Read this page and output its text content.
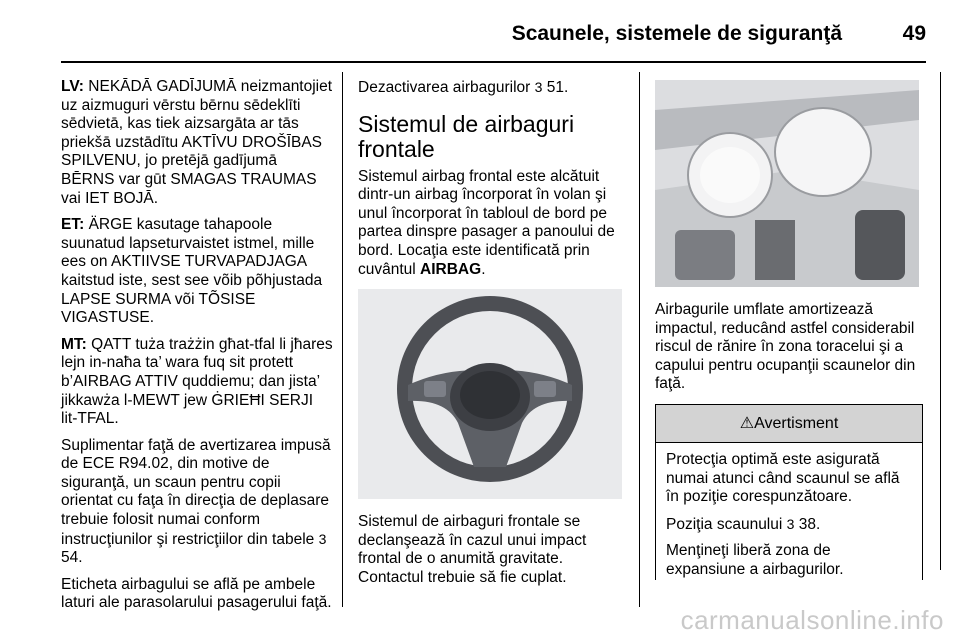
Scaunele, sistemele de siguranţă	49

LV: NEKĀDĀ GADĪJUMĀ neizmantojiet uz aizmuguri vērstu bērnu sēdeklīti sēdvietā, kas tiek aizsargāta ar tās priekšā uzstādītu AKTĪVU DROŠĪBAS SPILVENU, jo pretējā gadījumā BĒRNS var gūt SMAGAS TRAUMAS vai IET BOJĀ.

ET: ÄRGE kasutage tahapoole suunatud lapseturvaistet istmel, mille ees on AKTIIVSE TURVAPADJAGA kaitstud iste, sest see võib põhjustada LAPSE SURMA või TÕSISE VIGASTUSE.

MT: QATT tuża trażżin għat-tfal li jħares lejn in-naħa ta’ wara fuq sit protett b’AIRBAG ATTIV quddiemu; dan jista’ jikkawża l-MEWT jew ĠRIEĦI SERJI lit-TFAL.

Suplimentar faţă de avertizarea impusă de ECE R94.02, din motive de siguranţă, un scaun pentru copii orientat cu faţa în direcţia de deplasare trebuie folosit numai conform instrucţiunilor şi restricţiilor din tabele 3 54.

Eticheta airbagului se află pe ambele laturi ale parasolarului pasagerului faţă.

Dezactivarea airbagurilor 3 51.

Sistemul de airbaguri frontale

Sistemul airbag frontal este alcătuit dintr-un airbag încorporat în volan şi unul încorporat în tabloul de bord pe partea dinspre pasager a panoului de bord. Locaţia este identificată prin cuvântul AIRBAG.

Sistemul de airbaguri frontale se declanşează în cazul unui impact frontal de o anumită gravitate. Contactul trebuie să fie cuplat.

Airbagurile umflate amortizează impactul, reducând astfel considerabil riscul de rănire în zona toracelui şi a capului pentru ocupanţii scaunelor din faţă.

⚠Avertisment

Protecţia optimă este asigurată numai atunci când scaunul se află în poziţie corespunzătoare.

Poziţia scaunului 3 38.

Menţineţi liberă zona de expansiune a airbagurilor.

carmanualsonline.info
